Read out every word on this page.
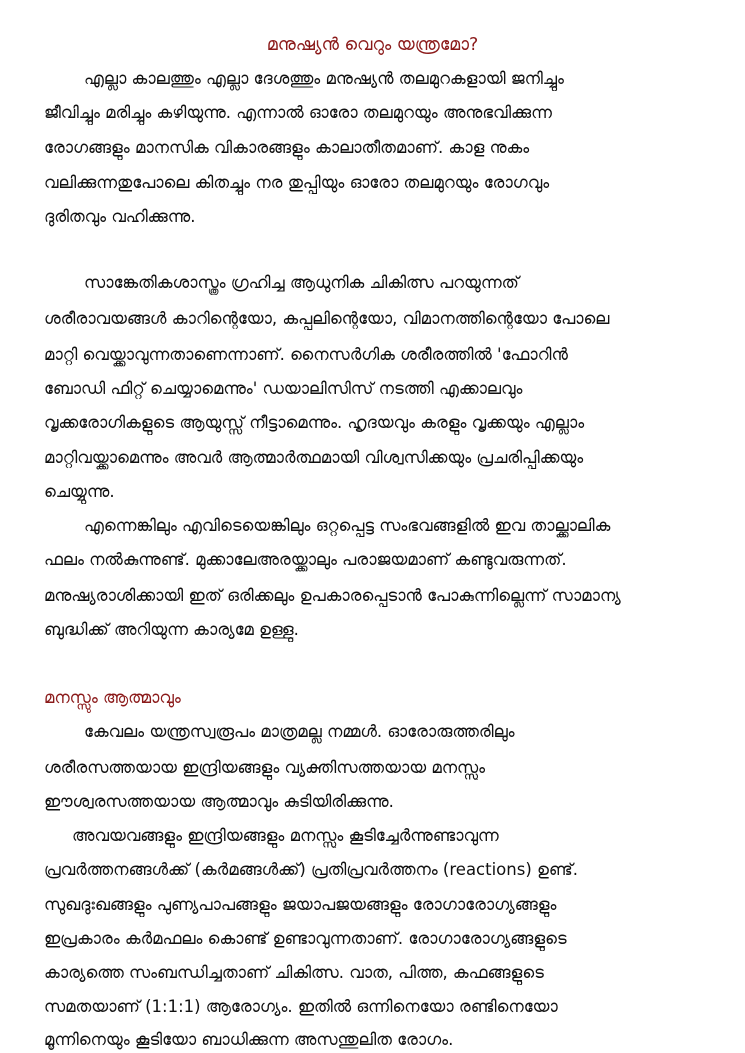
മനുഷ്യൻ വെറും യന്ത്രമോ?
എല്ലാ കാലത്തും എല്ലാ ദേശത്തും മനുഷ്യൻ തലമുറകളായി ജനിച്ചും
ജീവിച്ചും മരിച്ചും കഴിയുന്നു. എന്നാൽ ഓരോ തലമുറയും അനുഭവിക്കുന്ന
രോഗങ്ങളും മാനസിക വികാരങ്ങളും കാലാതീതമാണ്. കാള നുകം
വലിക്കുന്നതുപോലെ കിതച്ചും നര തുപ്പിയും ഓരോ തലമുറയും രോഗവും
ദുരിതവും വഹിക്കുന്നു.
സാങ്കേതികശാസ്ത്രം ഗ്രഹിച്ച ആധുനിക ചികിത്സ പറയുന്നത്
ശരീരാവയങ്ങൾ കാറിന്റെയോ, കപ്പലിന്റെയോ, വിമാനത്തിന്റെയോ പോലെ
മാറ്റി വെയ്ക്കാവുന്നതാണെന്നാണ്. നൈസർഗിക ശരീരത്തിൽ 'ഫോറിൻ
ബോഡി ഫിറ്റ് ചെയ്യാമെന്നും' ഡയാലിസിസ് നടത്തി എക്കാലവും
വൃക്കരോഗികളുടെ ആയുസ്സ് നീട്ടാമെന്നും. ഹൃദയവും കരളും വൃക്കയും എല്ലാം
മാറ്റിവയ്ക്കാമെന്നും അവർ ആത്മാർത്ഥമായി വിശ്വസിക്കയും പ്രചരിപ്പിക്കയും
ചെയ്യുന്നു.
എന്നെങ്കിലും എവിടെയെങ്കിലും ഒറ്റപ്പെട്ട സംഭവങ്ങളിൽ ഇവ താല്ക്കാലിക
ഫലം നൽകുന്നുണ്ട്. മുക്കാലേഅരയ്ക്കാലും പരാജയമാണ് കണ്ടുവരുന്നത്.
മനുഷ്യരാശിക്കായി ഇത് ഒരിക്കലും ഉപകാരപ്പെടാൻ പോകുന്നില്ലെന്ന് സാമാന്യ
ബുദ്ധിക്ക് അറിയുന്ന കാര്യമേ ഉള്ളു.
മനസ്സും ആത്മാവും
കേവലം യന്ത്രസ്വരൂപം മാത്രമല്ല നമ്മൾ. ഓരോരുത്തരിലും
ശരീരസത്തയായ ഇന്ദ്രിയങ്ങളും വ്യക്തിസത്തയായ മനസ്സും
ഈശ്വരസത്തയായ ആത്മാവും കുടിയിരിക്കുന്നു.
അവയവങ്ങളും ഇന്ദ്രിയങ്ങളും മനസ്സും കൂടിച്ചേർന്നുണ്ടാവുന്ന
പ്രവർത്തനങ്ങൾക്ക് (കർമങ്ങൾക്ക്) പ്രതിപ്രവർത്തനം (reactions) ഉണ്ട്.
സുഖദുഃഖങ്ങളും പുണ്യപാപങ്ങളും ജയാപജയങ്ങളും രോഗാരോഗ്യങ്ങളും
ഇപ്രകാരം കർമഫലം കൊണ്ട് ഉണ്ടാവുന്നതാണ്. രോഗാരോഗ്യങ്ങളുടെ
കാര്യത്തെ സംബന്ധിച്ചതാണ് ചികിത്സ. വാത, പിത്ത, കഫങ്ങളുടെ
സമതയാണ് (1:1:1) ആരോഗ്യം. ഇതിൽ ഒന്നിനെയോ രണ്ടിനെയോ
മൂന്നിനെയും കൂടിയോ ബാധിക്കുന്ന അസന്തുലിത രോഗം.
